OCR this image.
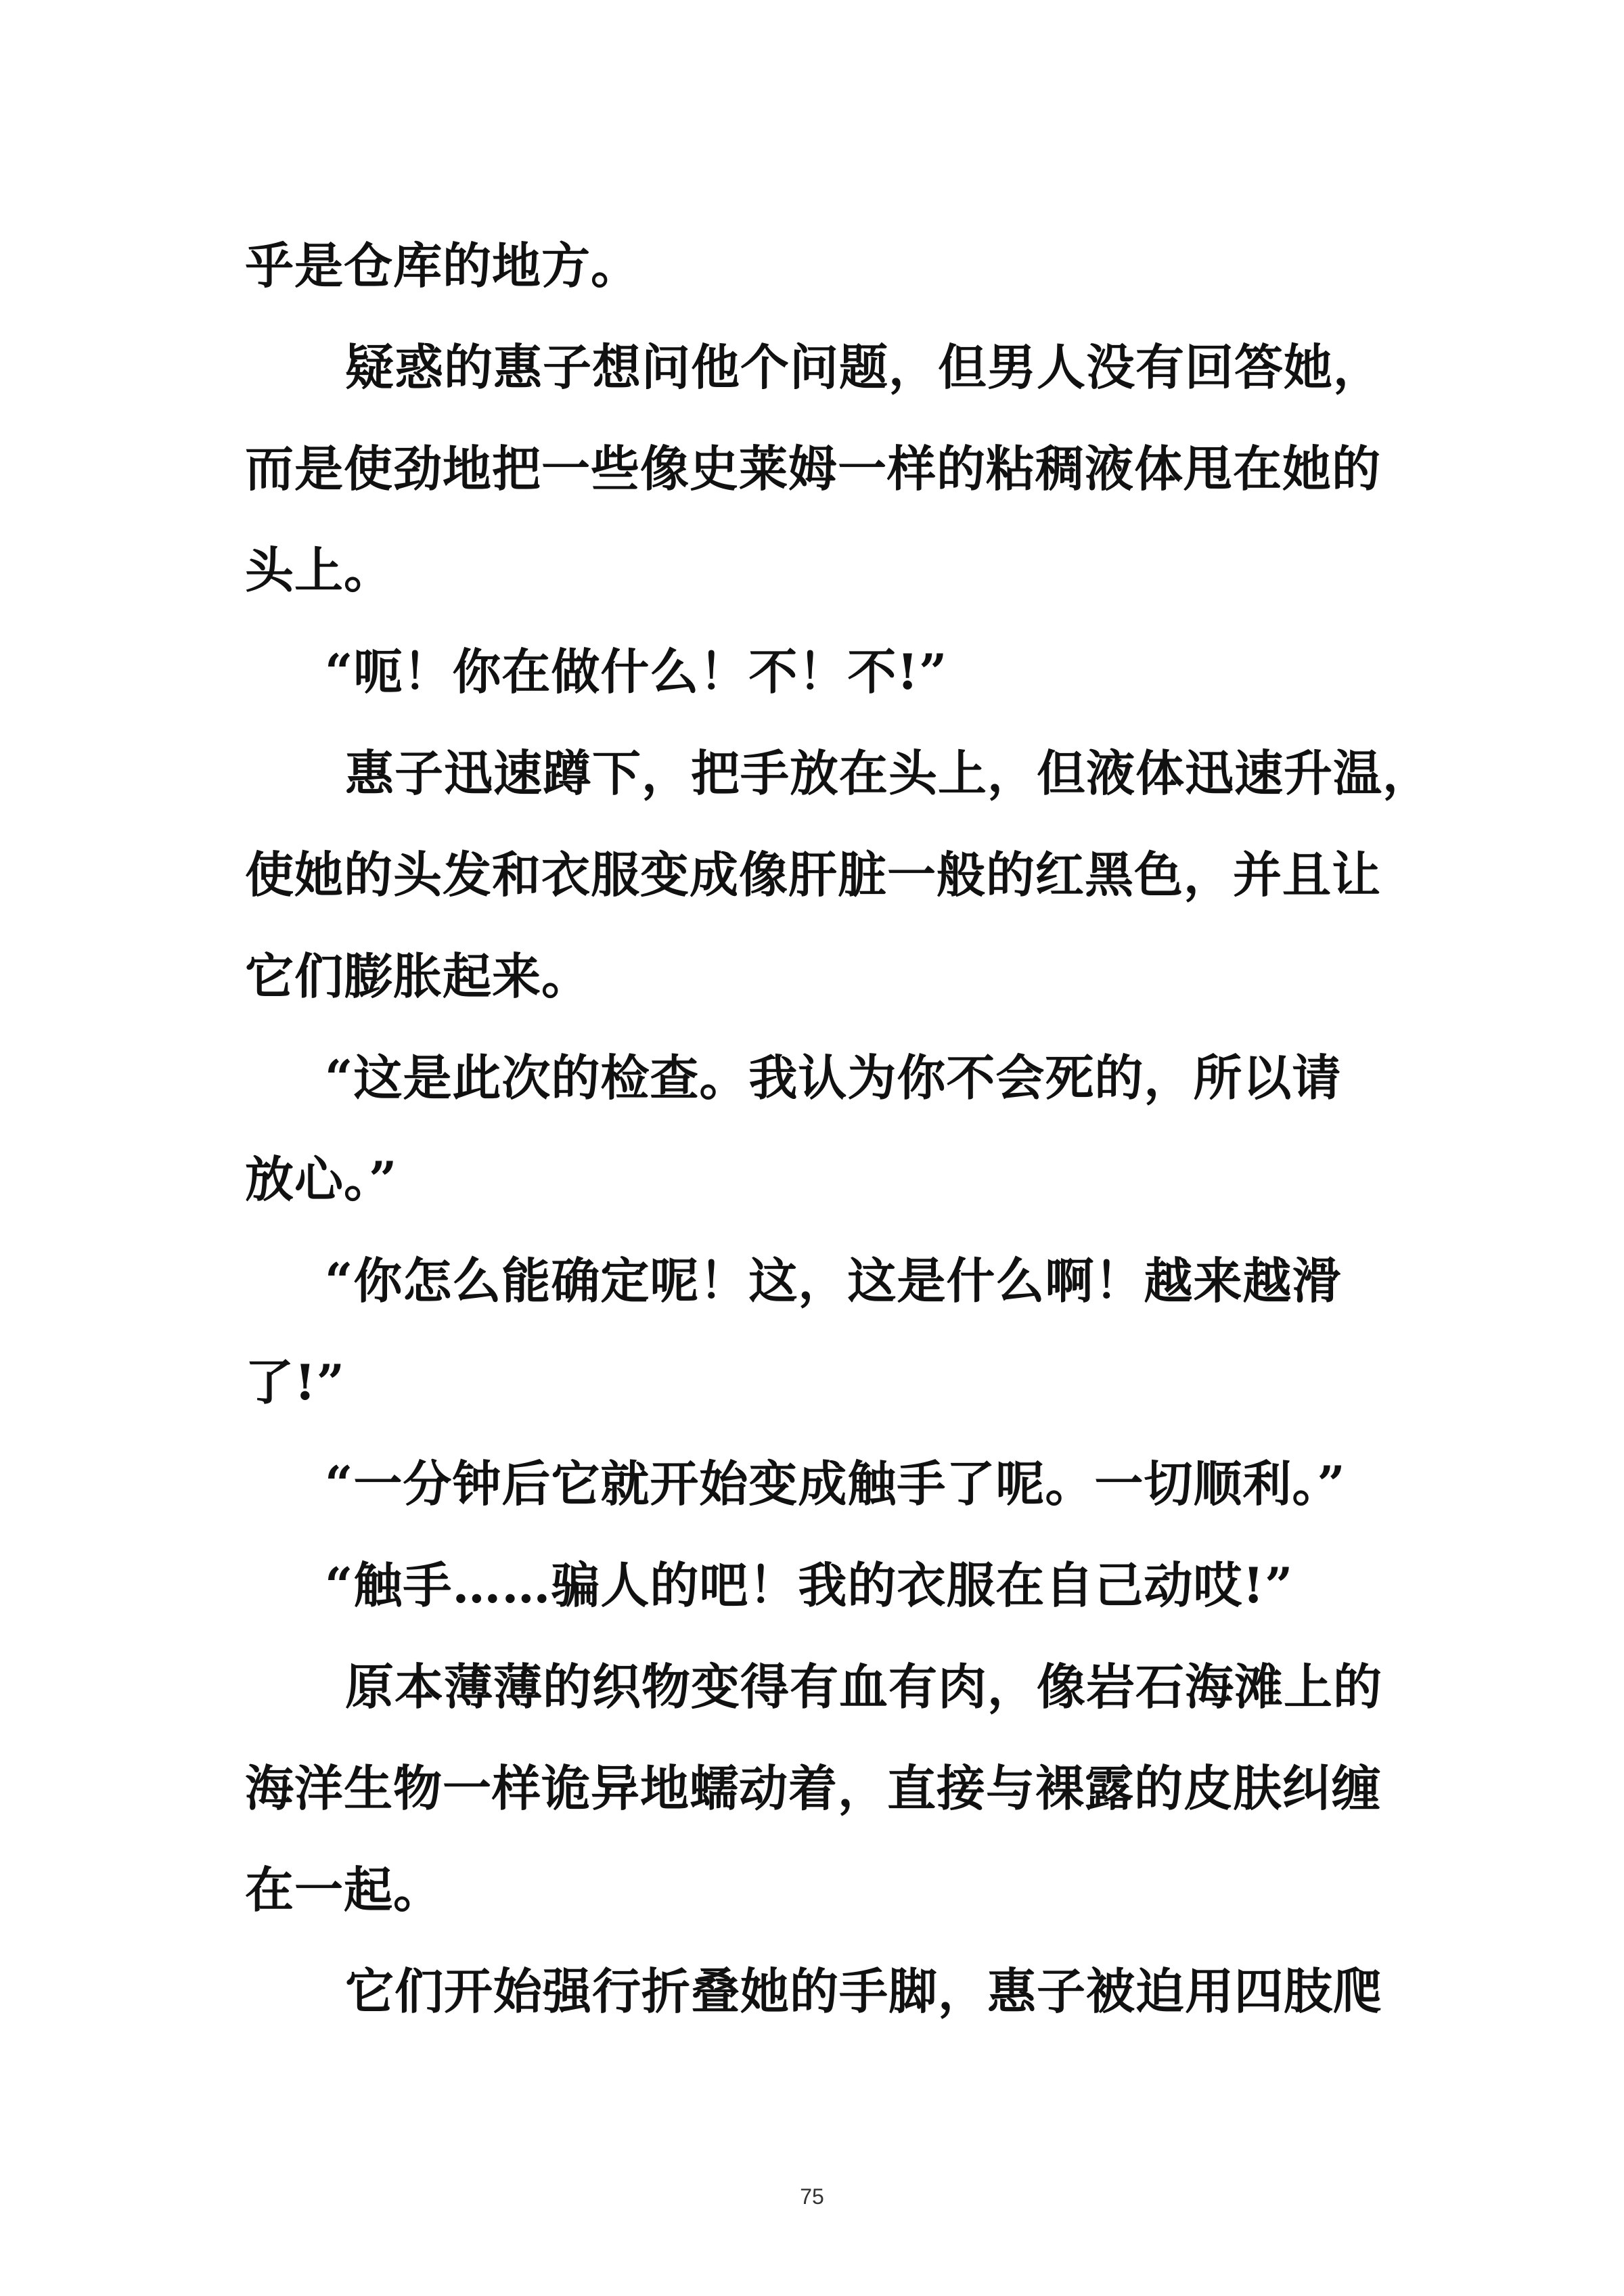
乎是仓库的地方。
疑惑的惠子想问他个问题，但男人没有回答她，
而是使劲地把一些像史莱姆一样的粘稠液体甩在她的
头上。
“呃！你在做什么！不！不!”
惠子迅速蹲下，把手放在头上，但液体迅速升温，
使她的头发和衣服变成像肝脏一般的红黑色，并且让
它们膨胀起来。
“这是此次的检查。我认为你不会死的，所以请
放心。”
“你怎么能确定呢！这，这是什么啊！越来越滑
了!”
“一分钟后它就开始变成触手了呢。一切顺利。”
“触手……骗人的吧！我的衣服在自己动哎!”
原本薄薄的织物变得有血有肉，像岩石海滩上的
海洋生物一样诡异地蠕动着，直接与裸露的皮肤纠缠
在一起。
它们开始强行折叠她的手脚，惠子被迫用四肢爬
75
